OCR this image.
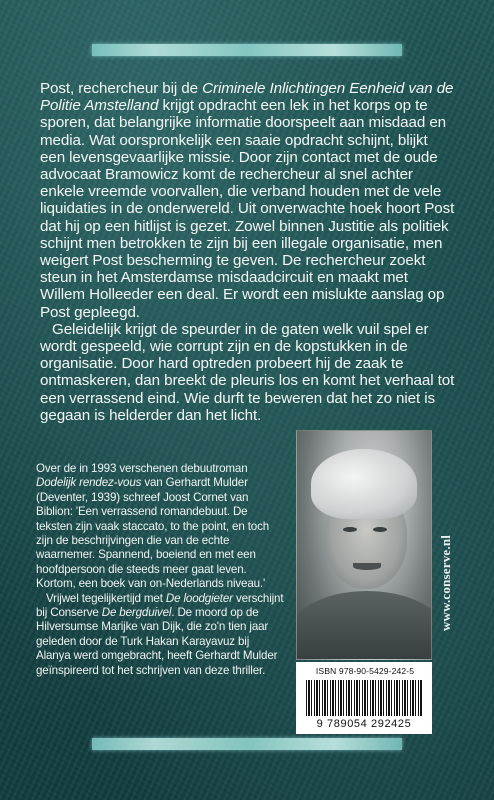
Post, rechercheur bij de Criminele Inlichtingen Eenheid van de Politie Amstelland krijgt opdracht een lek in het korps op te sporen, dat belangrijke informatie doorspeelt aan misdaad en media. Wat oorspronkelijk een saaie opdracht schijnt, blijkt een levensgevaarlijke missie. Door zijn contact met de oude advocaat Bramowicz komt de rechercheur al snel achter enkele vreemde voorvallen, die verband houden met de vele liquidaties in de onderwereld. Uit onverwachte hoek hoort Post dat hij op een hitlijst is gezet. Zowel binnen Justitie als politiek schijnt men betrokken te zijn bij een illegale organisatie, men weigert Post bescherming te geven. De rechercheur zoekt steun in het Amsterdamse misdaadcircuit en maakt met Willem Holleeder een deal. Er wordt een mislukte aanslag op Post gepleegd.

Geleidelijk krijgt de speurder in de gaten welk vuil spel er wordt gespeeld, wie corrupt zijn en de kopstukken in de organisatie. Door hard optreden probeert hij de zaak te ontmaskeren, dan breekt de pleuris los en komt het verhaal tot een verrassend eind. Wie durft te beweren dat het zo niet is gegaan is helderder dan het licht.

Over de in 1993 verschenen debuutroman Dodelijk rendez-vous van Gerhardt Mulder (Deventer, 1939) schreef Joost Cornet van Biblion: 'Een verrassend romandebuut. De teksten zijn vaak staccato, to the point, en toch zijn de beschrijvingen die van de echte waarnemer. Spannend, boeiend en met een hoofdpersoon die steeds meer gaat leven. Kortom, een boek van on-Nederlands niveau.'

Vrijwel tegelijkertijd met De loodgieter verschijnt bij Conserve De bergduivel. De moord op de Hilversumse Marijke van Dijk, die zo'n tien jaar geleden door de Turk Hakan Karayavuz bij Alanya werd omgebracht, heeft Gerhardt Mulder geïnspireerd tot het schrijven van deze thriller.

www.conserve.nl
ISBN 978-90-5429-242-5
9 789054 292425
